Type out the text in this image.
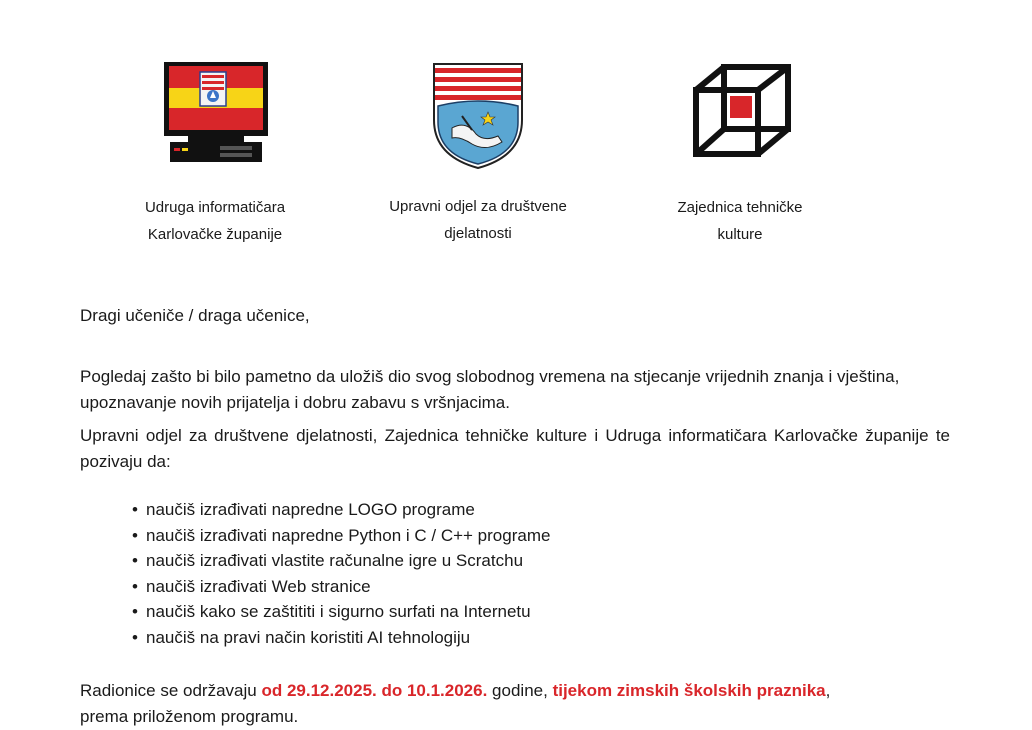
Udruga informatičara
Karlovačke županije
Upravni odjel za društvene
djelatnosti
Zajednica tehničke
kulture
Dragi učeniče / draga učenice,
Pogledaj zašto bi bilo pametno da uložiš dio svog slobodnog vremena na stjecanje vrijednih znanja i vještina, upoznavanje novih prijatelja i dobru zabavu s vršnjacima.
Upravni odjel za društvene djelatnosti, Zajednica tehničke kulture i Udruga informatičara Karlovačke županije te pozivaju da:
• naučiš izrađivati napredne LOGO programe
• naučiš izrađivati napredne Python i C / C++ programe
• naučiš izrađivati vlastite računalne igre u Scratchu
• naučiš izrađivati Web stranice
• naučiš kako se zaštititi i sigurno surfati na Internetu
• naučiš na pravi način koristiti AI tehnologiju
Radionice se održavaju od 29.12.2025. do 10.1.2026. godine, tijekom zimskih školskih praznika,
prema priloženom programu.
